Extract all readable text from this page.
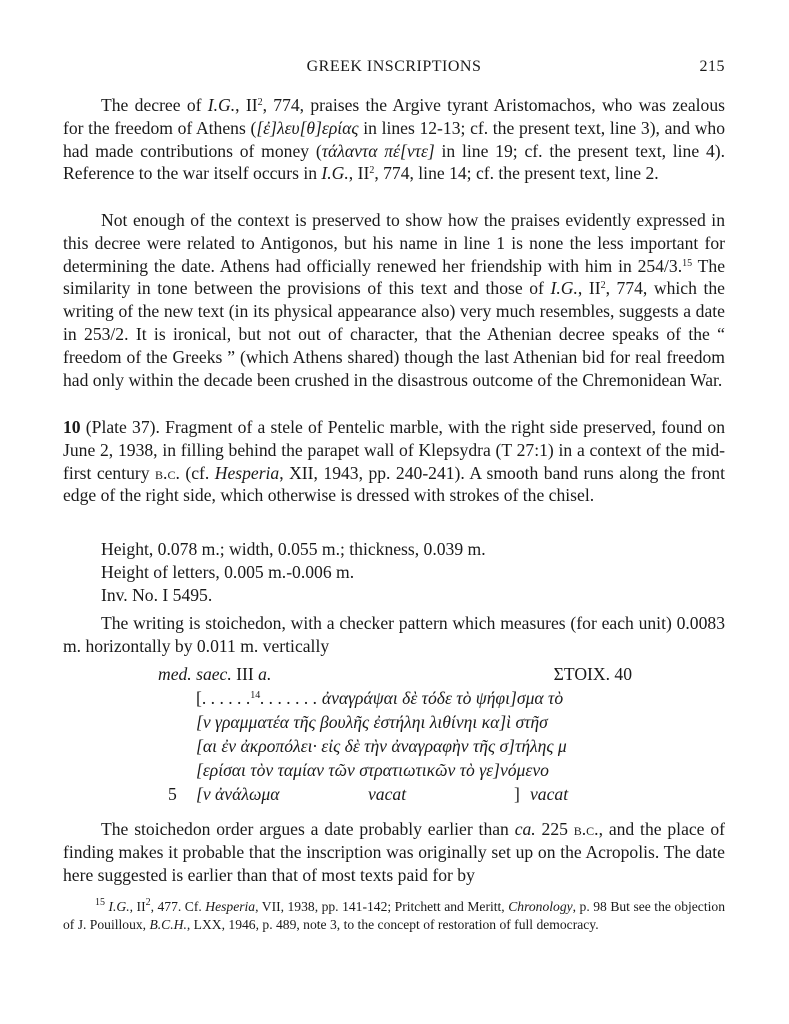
GREEK INSCRIPTIONS	215

The decree of I.G., $II^2$, 774, praises the Argive tyrant Aristomachos, who was zealous for the freedom of Athens ([ἐ]λευ[θ]ερίας in lines 12-13; cf. the present text, line 3), and who had made contributions of money (τάλαντα πέ[ντε] in line 19; cf. the present text, line 4). Reference to the war itself occurs in I.G., $II^2$, 774, line 14; cf. the present text, line 2.

Not enough of the context is preserved to show how the praises evidently expressed in this decree were related to Antigonos, but his name in line 1 is none the less important for determining the date. Athens had officially renewed her friendship with him in 254/3.15 The similarity in tone between the provisions of this text and those of I.G., $II^2$, 774, which the writing of the new text (in its physical appearance also) very much resembles, suggests a date in 253/2. It is ironical, but not out of character, that the Athenian decree speaks of the “ freedom of the Greeks ” (which Athens shared) though the last Athenian bid for real freedom had only within the decade been crushed in the disastrous outcome of the Chremonidean War.

10 (Plate 37). Fragment of a stele of Pentelic marble, with the right side preserved, found on June 2, 1938, in filling behind the parapet wall of Klepsydra (T 27:1) in a context of the mid-first century b.c. (cf. Hesperia, XII, 1943, pp. 240-241). A smooth band runs along the front edge of the right side, which otherwise is dressed with strokes of the chisel.

Height, 0.078 m.; width, 0.055 m.; thickness, 0.039 m.

Height of letters, 0.005 m.-0.006 m.

Inv. No. I 5495.

The writing is stoichedon, with a checker pattern which measures (for each unit) 0.0083 m. horizontally by 0.011 m. vertically

med. saec. III a.	ΣΤΟΙΧ. 40
[. . . . . .$^{14}$. . . . . . . ἀναγράψαι δὲ τόδε τὸ ψήφι]σμα τὸ
[ν γραμματέα τῆς βουλῆς ἐστήληι λιθίνηι κα]ὶ στῆσ
[αι ἐν ἀκροπόλει· εἰς δὲ τὴν ἀναγραφὴν τῆς σ]τήλης μ
[ερίσαι τὸν ταμίαν τῶν στρατιωτικῶν τὸ γε]νόμενο
5 [ν ἀνάλωμα	vacat	] vacat

The stoichedon order argues a date probably earlier than ca. 225 b.c., and the place of finding makes it probable that the inscription was originally set up on the Acropolis. The date here suggested is earlier than that of most texts paid for by

$^{15}$ I.G., $II^2$, 477. Cf. Hesperia, VII, 1938, pp. 141-142; Pritchett and Meritt, Chronology, p. 98 But see the objection of J. Pouilloux, B.C.H., LXX, 1946, p. 489, note 3, to the concept of restoration of full democracy.
